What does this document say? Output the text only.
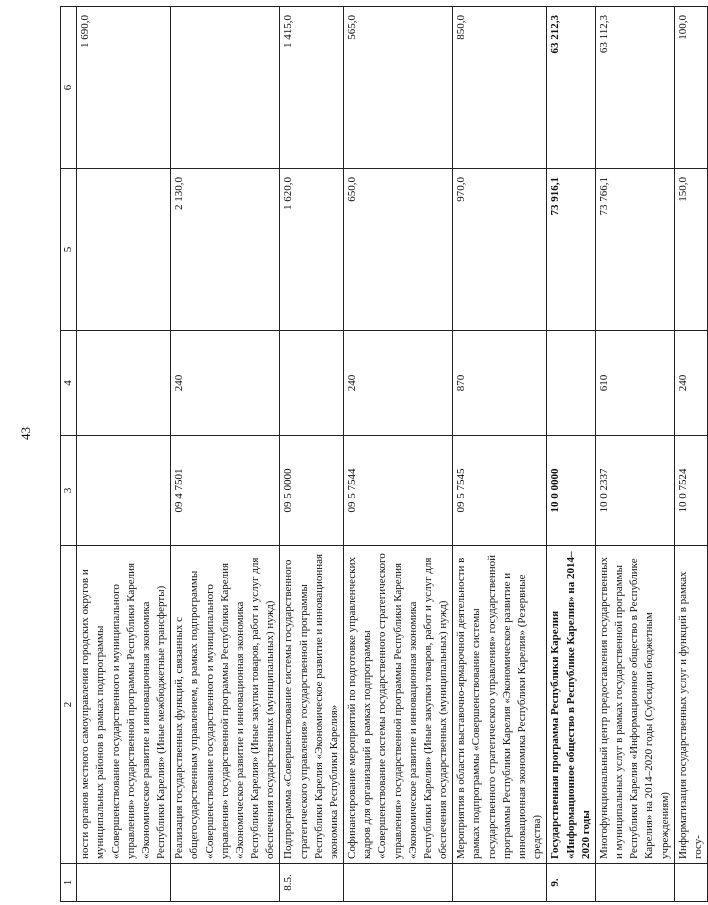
43
1	2	3	4	5	6
	ности органов местного самоуправления городских округов и муниципальных районов в рамках подпрограммы «Совершенствование государственного и муниципального управления» государственной программы Республики Карелия «Экономическое развитие и инновационная экономика Республики Карелия» (Иные межбюджетные трансферты)				1 690,0
	Реализация государственных функций, связанных с общегосударственным управлением, в рамках подпрограммы «Совершенствование государственного и муниципального управления» государственной программы Республики Карелия «Экономическое развитие и инновационная экономика Республики Карелия» (Иные закупки товаров, работ и услуг для обеспечения государственных (муниципальных) нужд)	09 4 7501	240	2 130,0	
8.5.	Подпрограмма «Совершенствование системы государственного стратегического управления» государственной программы Республики Карелия «Экономическое развитие и инновационная экономика Республики Карелия»	09 5 0000		1 620,0	1 415,0
	Софинансирование мероприятий по подготовке управленческих кадров для организаций в рамках подпрограммы «Совершенствование системы государственного стратегического управления» государственной программы Республики Карелия «Экономическое развитие и инновационная экономика Республики Карелия» (Иные закупки товаров, работ и услуг для обеспечения государственных (муниципальных) нужд)	09 5 7544	240	650,0	565,0
	Мероприятия в области выставочно-ярмарочной деятельности в рамках подпрограммы «Совершенствование системы государственного стратегического управления» государственной программы Республики Карелия «Экономическое развитие и инновационная экономика Республики Карелия» (Резервные средства)	09 5 7545	870	970,0	850,0
9.	Государственная программа Республики Карелия «Информационное общество в Республике Карелия» на 2014–2020 годы	10 0 0000		73 916,1	63 212,3
	Многофункциональный центр предоставления государственных и муниципальных услуг в рамках государственной программы Республики Карелия «Информационное общество в Республике Карелия» на 2014–2020 годы (Субсидии бюджетным учреждениям)	10 0 2337	610	73 766,1	63 112,3
	Информатизация государственных услуг и функций в рамках госу-	10 0 7524	240	150,0	100,0
